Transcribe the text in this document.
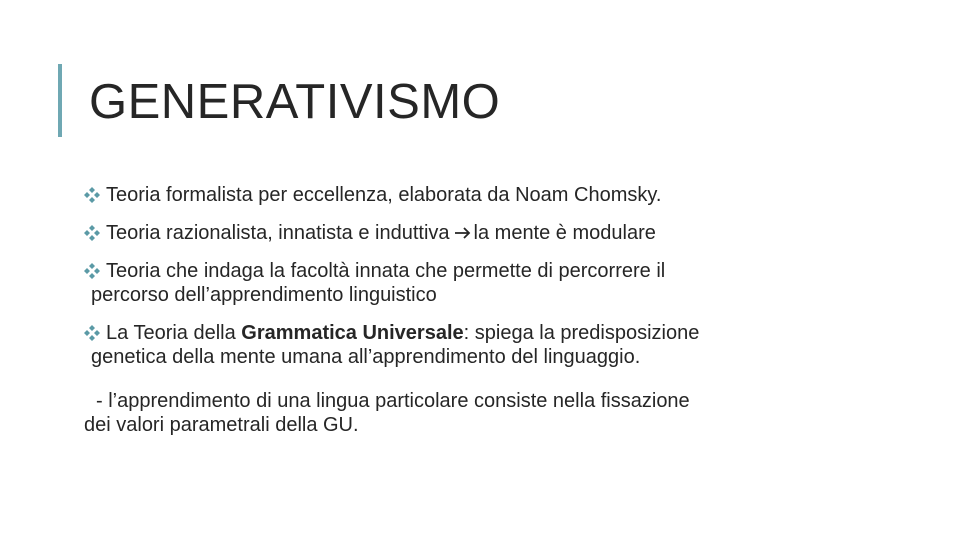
GENERATIVISMO
Teoria formalista per eccellenza, elaborata da Noam Chomsky.
Teoria razionalista, innatista e induttiva la mente è modulare
Teoria che indaga la facoltà innata che permette di percorrere il
percorso dell’apprendimento linguistico
La Teoria della Grammatica Universale: spiega la predisposizione
genetica della mente umana all’apprendimento del linguaggio.
- l’apprendimento di una lingua particolare consiste nella fissazione
dei valori parametrali della GU.
